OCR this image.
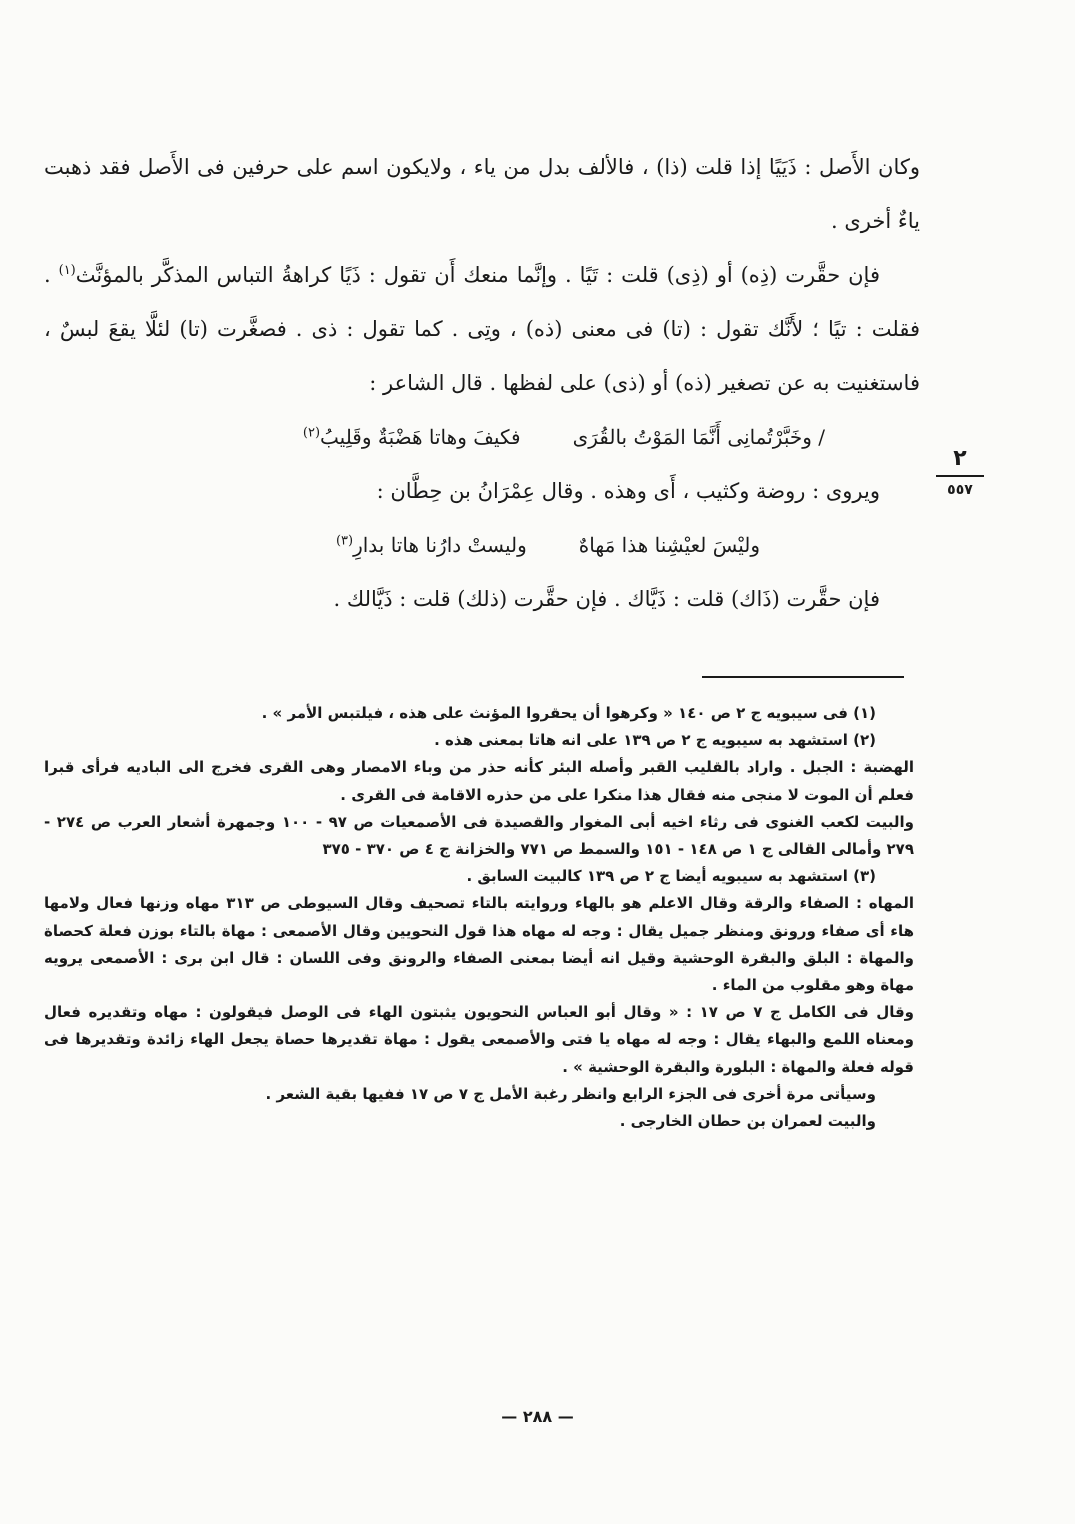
وكان الأَصل : ذَيَيًا إذا قلت (ذا) ، فالألف بدل من ياء ، ولايكون اسم على حرفين فى الأَصل فقد ذهبت ياءٌ أخرى .

فإن حقَّرت (ذِه) أو (ذِى) قلت : تَيًا . وإنَّما منعك أَن تقول : ذَيًا كراهةُ التباس المذكَّر بالمؤنَّث$^{(١)}$ . فقلت : تيًا ؛ لأَنَّك تقول : (تا) فى معنى (ذه) ، وتِى . كما تقول : ذى . فصغَّرت (تا) لئلَّا يقعَ لبسٌ ، فاستغنيت به عن تصغير (ذه) أو (ذى) على لفظها . قال الشاعر :

/ وخَبَّرْتُمانِى أَنَّمَا المَوْتُ بالقُرَى
فكيفَ وهاتا هَضْبَةٌ وقَلِيبُ$^{(٢)}$

ويروى : روضة وكثيب ، أَى وهذه . وقال عِمْرَانُ بن حِطَّان :

وليْسَ لعيْشِنا هذا مَهاهٌ
وليستْ دارُنا هاتا بدارِ$^{(٣)}$

فإن حقَّرت (ذَاك) قلت : ذَيَّاك . فإن حقَّرت (ذلك) قلت : ذَيَّالك .

٢
٥٥٧

(١) فى سيبويه ج ٢ ص ١٤٠ « وكرهوا أن يحقروا المؤنث على هذه ، فيلتبس الأمر » .

(٢) استشهد به سيبويه ج ٢ ص ١٣٩ على انه هاتا بمعنى هذه .

الهضبة : الجبل . واراد بالقليب القبر وأصله البئر كأنه حذر من وباء الامصار وهى القرى فخرج الى الباديه فرأى قبرا فعلم أن الموت لا منجى منه فقال هذا منكرا على من حذره الاقامة فى القرى .

والبيت لكعب الغنوى فى رثاء اخيه أبى المغوار والقصيدة فى الأصمعيات ص ٩٧ - ١٠٠ وجمهرة أشعار العرب ص ٢٧٤ - ٢٧٩ وأمالى القالى ج ١ ص ١٤٨ - ١٥١ والسمط ص ٧٧١ والخزانة ج ٤ ص ٣٧٠ - ٣٧٥

(٣) استشهد به سيبويه أيضا ج ٢ ص ١٣٩ كالبيت السابق .

المهاه : الصفاء والرقة وقال الاعلم هو بالهاء وروايته بالتاء تصحيف وقال السيوطى ص ٣١٣ مهاه وزنها فعال ولامها هاء أى صفاء ورونق ومنظر جميل يقال : وجه له مهاه هذا قول النحويين وقال الأصمعى : مهاة بالتاء بوزن فعلة كحصاة والمهاة : البلق والبقرة الوحشية وقيل انه أيضا بمعنى الصفاء والرونق وفى اللسان : قال ابن برى : الأصمعى يرويه مهاة وهو مقلوب من الماء .

وقال فى الكامل ج ٧ ص ١٧ : « وقال أبو العباس النحويون يثبتون الهاء فى الوصل فيقولون : مهاه وتقديره فعال ومعناه اللمع والبهاء يقال : وجه له مهاه يا فتى والأصمعى يقول : مهاة تقديرها حصاة يجعل الهاء زائدة وتقديرها فى قوله فعلة والمهاة : البلورة والبقرة الوحشية » .

وسيأتى مرة أخرى فى الجزء الرابع وانظر رغبة الأمل ج ٧ ص ١٧ ففيها بقية الشعر .

والبيت لعمران بن حطان الخارجى .

— ٢٨٨ —
